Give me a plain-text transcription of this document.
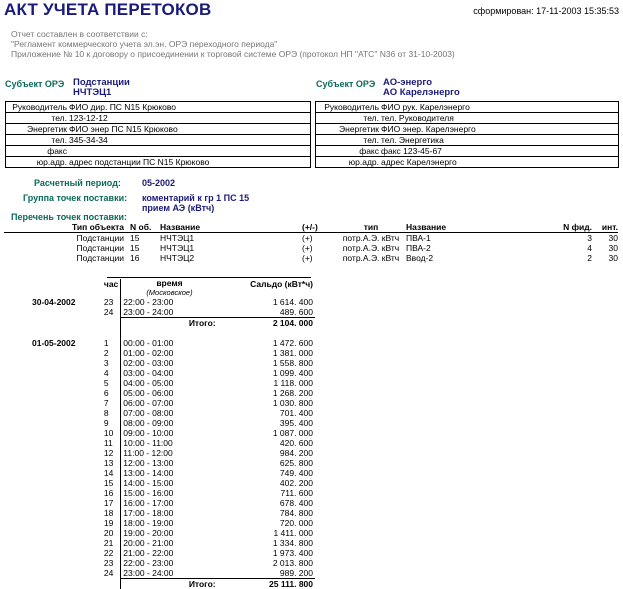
АКТ УЧЕТА ПЕРЕТОКОВ	сформирован: 17-11-2003 15:35:53
Отчет составлен в соответствии с:
"Регламент коммерческого учета эл.эн. ОРЭ переходного периода"
Приложение № 10 к договору о присоединении к торговой системе ОРЭ (протокол НП "АТС" N36 от 31-10-2003)
Субъект ОРЭ Подстанции
НЧТЭЦ1
Руководитель	ФИО дир. ПС N15 Крюково
тел.	123-12-12
Энергетик	ФИО энер ПС N15 Крюково
тел.	345-34-34
факс	
юр.адр.	адрес подстанции ПС N15 Крюково
Субъект ОРЭ АО-энерго
АО Карелэнерго
Руководитель	ФИО рук. Карелэнерго
тел.	тел. Руководителя
Энергетик	ФИО энер. Карелэнерго
тел.	тел. Энергетика
факс	факс 123-45-67
юр.адр.	адрес Карелэнерго
Расчетный период: 05-2002
Группа точек поставки: коментарий к гр 1 ПС 15
прием АЭ (кВтч)
Перечень точек поставки:
Тип объекта	N об.	Название	(+/-)	тип	Название	N фид.	инт.

Подстанции	15	НЧТЭЦ1	(+)	потр.А.Э. кВтч	ПВА-1	3	30
Подстанции	15	НЧТЭЦ1	(+)	потр.А.Э. кВтч	ПВА-2	4	30
Подстанции	16	НЧТЭЦ2	(+)	потр.А.Э. кВтч	Ввод-2	2	30
	час	время
(Московское)	Сальдо (кВт*ч)
30-04-2002	23	22:00 - 23:00	1 614. 400
	24	23:00 - 24:00	489. 600
		Итого:	2 104. 000

01-05-2002	1	00:00 - 01:00	1 472. 600
	2	01:00 - 02:00	1 381. 000
	3	02:00 - 03:00	1 558. 800
	4	03:00 - 04:00	1 099. 400
	5	04:00 - 05:00	1 118. 000
	6	05:00 - 06:00	1 268. 200
	7	06:00 - 07:00	1 030. 800
	8	07:00 - 08:00	701. 400
	9	08:00 - 09:00	395. 400
	10	09:00 - 10:00	1 087. 000
	11	10:00 - 11:00	420. 600
	12	11:00 - 12:00	984. 200
	13	12:00 - 13:00	625. 800
	14	13:00 - 14:00	749. 400
	15	14:00 - 15:00	402. 200
	16	15:00 - 16:00	711. 600
	17	16:00 - 17:00	678. 400
	18	17:00 - 18:00	784. 800
	19	18:00 - 19:00	720. 000
	20	19:00 - 20:00	1 411. 000
	21	20:00 - 21:00	1 334. 800
	22	21:00 - 22:00	1 973. 400
	23	22:00 - 23:00	2 013. 800
	24	23:00 - 24:00	989. 200
		Итого:	25 111. 800
